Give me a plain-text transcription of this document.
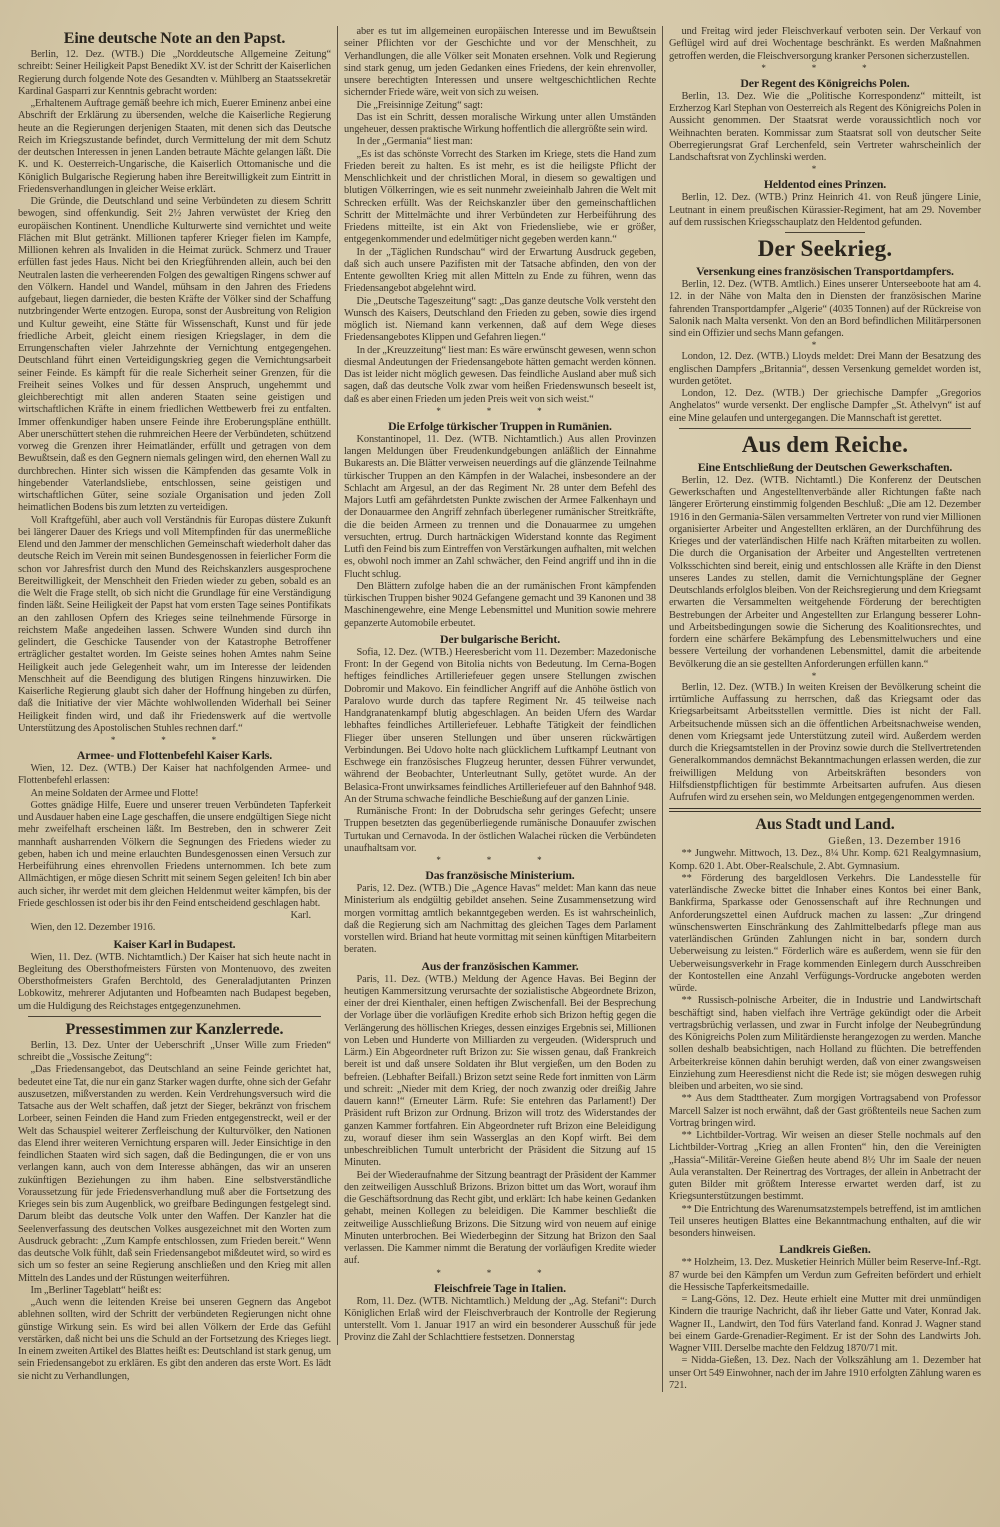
Eine deutsche Note an den Papst.

Berlin, 12. Dez. (WTB.) Die „Norddeutsche Allgemeine Zeitung“ schreibt: Seiner Heiligkeit Papst Benedikt XV. ist der Schritt der Kaiserlichen Regierung durch folgende Note des Gesandten v. Mühlberg an Staatssekretär Kardinal Gasparri zur Kenntnis gebracht worden:

„Erhaltenem Auftrage gemäß beehre ich mich, Euerer Eminenz anbei eine Abschrift der Erklärung zu übersenden, welche die Kaiserliche Regierung heute an die Regierungen derjenigen Staaten, mit denen sich das Deutsche Reich im Kriegszustande befindet, durch Vermittelung der mit dem Schutz der deutschen Interessen in jenen Landen betraute Mächte gelangen läßt. Die K. und K. Oesterreich-Ungarische, die Kaiserlich Ottomanische und die Königlich Bulgarische Regierung haben ihre Bereitwilligkeit zum Eintritt in Friedensverhandlungen in gleicher Weise erklärt.

Die Gründe, die Deutschland und seine Verbündeten zu diesem Schritt bewogen, sind offenkundig. Seit 2½ Jahren verwüstet der Krieg den europäischen Kontinent. Unendliche Kulturwerte sind vernichtet und weite Flächen mit Blut getränkt. Millionen tapferer Krieger fielen im Kampfe, Millionen kehren als Invaliden in die Heimat zurück. Schmerz und Trauer erfüllen fast jedes Haus. Nicht bei den Kriegführenden allein, auch bei den Neutralen lasten die verheerenden Folgen des gewaltigen Ringens schwer auf den Völkern. Handel und Wandel, mühsam in den Jahren des Friedens aufgebaut, liegen darnieder, die besten Kräfte der Völker sind der Schaffung nutzbringender Werte entzogen. Europa, sonst der Ausbreitung von Religion und Kultur geweiht, eine Stätte für Wissenschaft, Kunst und für jede friedliche Arbeit, gleicht einem riesigen Kriegslager, in dem die Errungenschaften vieler Jahrzehnte der Vernichtung entgegengehen. Deutschland führt einen Verteidigungskrieg gegen die Vernichtungsarbeit seiner Feinde. Es kämpft für die reale Sicherheit seiner Grenzen, für die Freiheit seines Volkes und für dessen Anspruch, ungehemmt und gleichberechtigt mit allen anderen Staaten seine geistigen und wirtschaftlichen Kräfte in einem friedlichen Wettbewerb frei zu entfalten. Immer offenkundiger haben unsere Feinde ihre Eroberungspläne enthüllt. Aber unerschüttert stehen die ruhmreichen Heere der Verbündeten, schützend vorweg die Grenzen ihrer Heimatländer, erfüllt und getragen von dem Bewußtsein, daß es den Gegnern niemals gelingen wird, den ehernen Wall zu durchbrechen. Hinter sich wissen die Kämpfenden das gesamte Volk in hingebender Vaterlandsliebe, entschlossen, seine geistigen und wirtschaftlichen Güter, seine soziale Organisation und jeden Zoll heimatlichen Bodens bis zum letzten zu verteidigen.

Voll Kraftgefühl, aber auch voll Verständnis für Europas düstere Zukunft bei längerer Dauer des Kriegs und voll Mitempfinden für das unermeßliche Elend und den Jammer der menschlichen Gemeinschaft wiederholt daher das deutsche Reich im Verein mit seinen Bundesgenossen in feierlicher Form die schon vor Jahresfrist durch den Mund des Reichskanzlers ausgesprochene Bereitwilligkeit, der Menschheit den Frieden wieder zu geben, sobald es an die Welt die Frage stellt, ob sich nicht die Grundlage für eine Verständigung finden läßt. Seine Heiligkeit der Papst hat vom ersten Tage seines Pontifikats an den zahllosen Opfern des Krieges seine teilnehmende Fürsorge in reichstem Maße angedeihen lassen. Schwere Wunden sind durch ihn gelindert, die Geschicke Tausender von der Katastrophe Betroffener erträglicher gestaltet worden. Im Geiste seines hohen Amtes nahm Seine Heiligkeit auch jede Gelegenheit wahr, um im Interesse der leidenden Menschheit auf die Beendigung des blutigen Ringens hinzuwirken. Die Kaiserliche Regierung glaubt sich daher der Hoffnung hingeben zu dürfen, daß die Initiative der vier Mächte wohlwollenden Widerhall bei Seiner Heiligkeit finden wird, und daß ihr Friedenswerk auf die wertvolle Unterstützung des Apostolischen Stuhles rechnen darf.“

* * *
Armee- und Flottenbefehl Kaiser Karls.

Wien, 12. Dez. (WTB.) Der Kaiser hat nachfolgenden Armee- und Flottenbefehl erlassen:

An meine Soldaten der Armee und Flotte!

Gottes gnädige Hilfe, Euere und unserer treuen Verbündeten Tapferkeit und Ausdauer haben eine Lage geschaffen, die unsere endgültigen Siege nicht mehr zweifelhaft erscheinen läßt. Im Bestreben, den in schwerer Zeit mannhaft ausharrenden Völkern die Segnungen des Friedens wieder zu geben, haben ich und meine erlauchten Bundesgenossen einen Versuch zur Herbeiführung eines ehrenvollen Friedens unternommen. Ich bete zum Allmächtigen, er möge diesen Schritt mit seinem Segen geleiten! Ich bin aber auch sicher, ihr werdet mit dem gleichen Heldenmut weiter kämpfen, bis der Friede geschlossen ist oder bis ihr den Feind entscheidend geschlagen habt.

Karl.

Wien, den 12. Dezember 1916.

Kaiser Karl in Budapest.

Wien, 11. Dez. (WTB. Nichtamtlich.) Der Kaiser hat sich heute nacht in Begleitung des Obersthofmeisters Fürsten von Montenuovo, des zweiten Obersthofmeisters Grafen Berchtold, des Generaladjutanten Prinzen Lobkowitz, mehrerer Adjutanten und Hofbeamten nach Budapest begeben, um die Huldigung des Reichstages entgegenzunehmen.

Pressestimmen zur Kanzlerrede.

Berlin, 13. Dez. Unter der Ueberschrift „Unser Wille zum Frieden“ schreibt die „Vossische Zeitung“:

„Das Friedensangebot, das Deutschland an seine Feinde gerichtet hat, bedeutet eine Tat, die nur ein ganz Starker wagen durfte, ohne sich der Gefahr auszusetzen, mißverstanden zu werden. Kein Verdrehungsversuch wird die Tatsache aus der Welt schaffen, daß jetzt der Sieger, bekränzt von frischem Lorbeer, seinen Feinden die Hand zum Frieden entgegenstreckt, weil er der Welt das Schauspiel weiterer Zerfleischung der Kulturvölker, den Nationen das Elend ihrer weiteren Vernichtung ersparen will. Jeder Einsichtige in den feindlichen Staaten wird sich sagen, daß die Bedingungen, die er von uns verlangen kann, auch von dem Interesse abhängen, das wir an unseren zukünftigen Beziehungen zu ihm haben. Eine selbstverständliche Voraussetzung für jede Friedensverhandlung muß aber die Fortsetzung des Krieges sein bis zum Augenblick, wo greifbare Bedingungen festgelegt sind. Darum bleibt das deutsche Volk unter den Waffen. Der Kanzler hat die Seelenverfassung des deutschen Volkes ausgezeichnet mit den Worten zum Ausdruck gebracht: „Zum Kampfe entschlossen, zum Frieden bereit.“ Wenn das deutsche Volk fühlt, daß sein Friedensangebot mißdeutet wird, so wird es sich um so fester an seine Regierung anschließen und den Krieg mit allen Mitteln des Landes und der Rüstungen weiterführen.

Im „Berliner Tageblatt“ heißt es:

„Auch wenn die leitenden Kreise bei unseren Gegnern das Angebot ablehnen sollten, wird der Schritt der verbündeten Regierungen nicht ohne günstige Wirkung sein. Es wird bei allen Völkern der Erde das Gefühl verstärken, daß nicht bei uns die Schuld an der Fortsetzung des Krieges liegt. In einem zweiten Artikel des Blattes heißt es: Deutschland ist stark genug, um sein Friedensangebot zu erklären. Es gibt den anderen das erste Wort. Es lädt sie nicht zu Verhandlungen,

aber es tut im allgemeinen europäischen Interesse und im Bewußtsein seiner Pflichten vor der Geschichte und vor der Menschheit, zu Verhandlungen, die alle Völker seit Monaten ersehnen. Volk und Regierung sind stark genug, um jeden Gedanken eines Friedens, der kein ehrenvoller, unsere berechtigten Interessen und unsere weltgeschichtlichen Rechte sichernder Friede wäre, weit von sich zu weisen.

Die „Freisinnige Zeitung“ sagt:

Das ist ein Schritt, dessen moralische Wirkung unter allen Umständen ungeheuer, dessen praktische Wirkung hoffentlich die allergrößte sein wird.

In der „Germania“ liest man:

„Es ist das schönste Vorrecht des Starken im Kriege, stets die Hand zum Frieden bereit zu halten. Es ist mehr, es ist die heiligste Pflicht der Menschlichkeit und der christlichen Moral, in diesem so gewaltigen und blutigen Völkerringen, wie es seit nunmehr zweieinhalb Jahren die Welt mit Schrecken erfüllt. Was der Reichskanzler über den gemeinschaftlichen Schritt der Mittelmächte und ihrer Verbündeten zur Herbeiführung des Friedens mitteilte, ist ein Akt von Friedensliebe, wie er größer, entgegenkommender und edelmütiger nicht gegeben werden kann.“

In der „Täglichen Rundschau“ wird der Erwartung Ausdruck gegeben, daß sich auch unsere Pazifisten mit der Tatsache abfinden, den von der Entente gewollten Krieg mit allen Mitteln zu Ende zu führen, wenn das Friedensangebot abgelehnt wird.

Die „Deutsche Tageszeitung“ sagt: „Das ganze deutsche Volk versteht den Wunsch des Kaisers, Deutschland den Frieden zu geben, sowie dies irgend möglich ist. Niemand kann verkennen, daß auf dem Wege dieses Friedensangebotes Klippen und Gefahren liegen.“

In der „Kreuzzeitung“ liest man: Es wäre erwünscht gewesen, wenn schon diesmal Andeutungen der Friedensangebote hätten gemacht werden können. Das ist leider nicht möglich gewesen. Das feindliche Ausland aber muß sich sagen, daß das deutsche Volk zwar vom heißen Friedenswunsch beseelt ist, daß es aber einen Frieden um jeden Preis weit von sich weist.“

* * *
Die Erfolge türkischer Truppen in Rumänien.

Konstantinopel, 11. Dez. (WTB. Nichtamtlich.) Aus allen Provinzen langen Meldungen über Freudenkundgebungen anläßlich der Einnahme Bukarests an. Die Blätter verweisen neuerdings auf die glänzende Teilnahme türkischer Truppen an den Kämpfen in der Walachei, insbesondere an der Schlacht am Argesul, an der das Regiment Nr. 28 unter dem Befehl des Majors Lutfi am gefährdetsten Punkte zwischen der Armee Falkenhayn und der Donauarmee den Angriff zehnfach überlegener rumänischer Streitkräfte, die die beiden Armeen zu trennen und die Donauarmee zu umgehen versuchten, ertrug. Durch hartnäckigen Widerstand konnte das Regiment Lutfi den Feind bis zum Eintreffen von Verstärkungen aufhalten, mit welchen es, obwohl noch immer an Zahl schwächer, den Feind angriff und ihn in die Flucht schlug.

Den Blättern zufolge haben die an der rumänischen Front kämpfenden türkischen Truppen bisher 9024 Gefangene gemacht und 39 Kanonen und 38 Maschinengewehre, eine Menge Lebensmittel und Munition sowie mehrere gepanzerte Automobile erbeutet.

Der bulgarische Bericht.

Sofia, 12. Dez. (WTB.) Heeresbericht vom 11. Dezember: Mazedonische Front: In der Gegend von Bitolia nichts von Bedeutung. Im Cerna-Bogen heftiges feindliches Artilleriefeuer gegen unsere Stellungen zwischen Dobromir und Makovo. Ein feindlicher Angriff auf die Anhöhe östlich von Paralovo wurde durch das tapfere Regiment Nr. 45 teilweise nach Handgranatenkampf blutig abgeschlagen. An beiden Ufern des Wardar lebhaftes feindliches Artilleriefeuer. Lebhafte Tätigkeit der feindlichen Flieger über unseren Stellungen und über unseren rückwärtigen Verbindungen. Bei Udovo holte nach glücklichem Luftkampf Leutnant von Eschwege ein französisches Flugzeug herunter, dessen Führer verwundet, während der Beobachter, Unterleutnant Sully, getötet wurde. An der Belasica-Front unwirksames feindliches Artilleriefeuer auf den Bahnhof 948. An der Struma schwache feindliche Beschießung auf der ganzen Linie.

Rumänische Front: In der Dobrudscha sehr geringes Gefecht; unsere Truppen besetzten das gegenüberliegende rumänische Donauufer zwischen Turtukan und Cernavoda. In der östlichen Walachei rücken die Verbündeten unaufhaltsam vor.

* * *
Das französische Ministerium.

Paris, 12. Dez. (WTB.) Die „Agence Havas“ meldet: Man kann das neue Ministerium als endgültig gebildet ansehen. Seine Zusammensetzung wird morgen vormittag amtlich bekanntgegeben werden. Es ist wahrscheinlich, daß die Regierung sich am Nachmittag des gleichen Tages dem Parlament vorstellen wird. Briand hat heute vormittag mit seinen künftigen Mitarbeitern beraten.

Aus der französischen Kammer.

Paris, 11. Dez. (WTB.) Meldung der Agence Havas. Bei Beginn der heutigen Kammersitzung verursachte der sozialistische Abgeordnete Brizon, einer der drei Kienthaler, einen heftigen Zwischenfall. Bei der Besprechung der Vorlage über die vorläufigen Kredite erhob sich Brizon heftig gegen die Verlängerung des höllischen Krieges, dessen einziges Ergebnis sei, Millionen von Leben und Hunderte von Milliarden zu vergeuden. (Widerspruch und Lärm.) Ein Abgeordneter ruft Brizon zu: Sie wissen genau, daß Frankreich bereit ist und daß unsere Soldaten ihr Blut vergießen, um den Boden zu befreien. (Lebhafter Beifall.) Brizon setzt seine Rede fort inmitten von Lärm und schreit: „Nieder mit dem Krieg, der noch zwanzig oder dreißig Jahre dauern kann!“ (Erneuter Lärm. Rufe: Sie entehren das Parlament!) Der Präsident ruft Brizon zur Ordnung. Brizon will trotz des Widerstandes der ganzen Kammer fortfahren. Ein Abgeordneter ruft Brizon eine Beleidigung zu, worauf dieser ihm sein Wasserglas an den Kopf wirft. Bei dem unbeschreiblichen Tumult unterbricht der Präsident die Sitzung auf 15 Minuten.

Bei der Wiederaufnahme der Sitzung beantragt der Präsident der Kammer den zeitweiligen Ausschluß Brizons. Brizon bittet um das Wort, worauf ihm die Geschäftsordnung das Recht gibt, und erklärt: Ich habe keinen Gedanken gehabt, meinen Kollegen zu beleidigen. Die Kammer beschließt die zeitweilige Ausschließung Brizons. Die Sitzung wird von neuem auf einige Minuten unterbrochen. Bei Wiederbeginn der Sitzung hat Brizon den Saal verlassen. Die Kammer nimmt die Beratung der vorläufigen Kredite wieder auf.

* * *
Fleischfreie Tage in Italien.

Rom, 11. Dez. (WTB. Nichtamtlich.) Meldung der „Ag. Stefani“: Durch Königlichen Erlaß wird der Fleischverbrauch der Kontrolle der Regierung unterstellt. Vom 1. Januar 1917 an wird ein besonderer Ausschuß für jede Provinz die Zahl der Schlachttiere festsetzen. Donnerstag

und Freitag wird jeder Fleischverkauf verboten sein. Der Verkauf von Geflügel wird auf drei Wochentage beschränkt. Es werden Maßnahmen getroffen werden, die Fleischversorgung kranker Personen sicherzustellen.

* * *
Der Regent des Königreichs Polen.

Berlin, 13. Dez. Wie die „Politische Korrespondenz“ mitteilt, ist Erzherzog Karl Stephan von Oesterreich als Regent des Königreichs Polen in Aussicht genommen. Der Staatsrat werde voraussichtlich noch vor Weihnachten beraten. Kommissar zum Staatsrat soll von deutscher Seite Oberregierungsrat Graf Lerchenfeld, sein Vertreter wahrscheinlich der Landschaftsrat von Zychlinski werden.

*
Heldentod eines Prinzen.

Berlin, 12. Dez. (WTB.) Prinz Heinrich 41. von Reuß jüngere Linie, Leutnant in einem preußischen Kürassier-Regiment, hat am 29. November auf dem russischen Kriegsschauplatz den Heldentod gefunden.

Der Seekrieg.
Versenkung eines französischen Transportdampfers.

Berlin, 12. Dez. (WTB. Amtlich.) Eines unserer Unterseeboote hat am 4. 12. in der Nähe von Malta den in Diensten der französischen Marine fahrenden Transportdampfer „Algerie“ (4035 Tonnen) auf der Rückreise von Salonik nach Malta versenkt. Von den an Bord befindlichen Militärpersonen sind ein Offizier und sechs Mann gefangen.

*

London, 12. Dez. (WTB.) Lloyds meldet: Drei Mann der Besatzung des englischen Dampfers „Britannia“, dessen Versenkung gemeldet worden ist, wurden getötet.

London, 12. Dez. (WTB.) Der griechische Dampfer „Gregorios Anghelatos“ wurde versenkt. Der englische Dampfer „St. Athelvyn“ ist auf eine Mine gelaufen und untergegangen. Die Mannschaft ist gerettet.

Aus dem Reiche.
Eine Entschließung der Deutschen Gewerkschaften.

Berlin, 12. Dez. (WTB. Nichtamtl.) Die Konferenz der Deutschen Gewerkschaften und Angestelltenverbände aller Richtungen faßte nach längerer Erörterung einstimmig folgenden Beschluß: „Die am 12. Dezember 1916 in den Germania-Sälen versammelten Vertreter von rund vier Millionen organisierter Arbeiter und Angestellten erklären, an der Durchführung des Krieges und der vaterländischen Hilfe nach Kräften mitarbeiten zu wollen. Die durch die Organisation der Arbeiter und Angestellten vertretenen Volksschichten sind bereit, einig und entschlossen alle Kräfte in den Dienst unseres Landes zu stellen, damit die Vernichtungspläne der Gegner Deutschlands erfolglos bleiben. Von der Reichsregierung und dem Kriegsamt erwarten die Versammelten weitgehende Förderung der berechtigten Bestrebungen der Arbeiter und Angestellten zur Erlangung besserer Lohn- und Arbeitsbedingungen sowie die Sicherung des Koalitionsrechtes, und fordern eine schärfere Bekämpfung des Lebensmittelwuchers und eine bessere Verteilung der vorhandenen Lebensmittel, damit die arbeitende Bevölkerung die an sie gestellten Anforderungen erfüllen kann.“

*

Berlin, 12. Dez. (WTB.) In weiten Kreisen der Bevölkerung scheint die irrtümliche Auffassung zu herrschen, daß das Kriegsamt oder das Kriegsarbeitsamt Arbeitsstellen vermittle. Dies ist nicht der Fall. Arbeitsuchende müssen sich an die öffentlichen Arbeitsnachweise wenden, denen vom Kriegsamt jede Unterstützung zuteil wird. Außerdem werden durch die Kriegsamtstellen in der Provinz sowie durch die Stellvertretenden Generalkommandos demnächst Bekanntmachungen erlassen werden, die zur freiwilligen Meldung von Arbeitskräften besonders von Hilfsdienstpflichtigen für bestimmte Arbeitsarten aufrufen. Aus diesen Aufrufen wird zu ersehen sein, wo Meldungen entgegengenommen werden.

Aus Stadt und Land.
Gießen, 13. Dezember 1916

** Jungwehr. Mittwoch, 13. Dez., 8¼ Uhr. Komp. 621 Realgymnasium, Komp. 620 1. Abt. Ober-Realschule, 2. Abt. Gymnasium.

** Förderung des bargeldlosen Verkehrs. Die Landesstelle für vaterländische Zwecke bittet die Inhaber eines Kontos bei einer Bank, Bankfirma, Sparkasse oder Genossenschaft auf ihre Rechnungen und Anforderungszettel einen Aufdruck machen zu lassen: „Zur dringend wünschenswerten Einschränkung des Zahlmittelbedarfs pflege man aus vaterländischen Gründen Zahlungen nicht in bar, sondern durch Ueberweisung zu leisten.“ Förderlich wäre es außerdem, wenn sie für den Ueberweisungsverkehr in Frage kommenden Einlegern durch Ausschreiben der Kontostellen eine Anzahl Verfügungs-Vordrucke angeboten werden würde.

** Russisch-polnische Arbeiter, die in Industrie und Landwirtschaft beschäftigt sind, haben vielfach ihre Verträge gekündigt oder die Arbeit vertragsbrüchig verlassen, und zwar in Furcht infolge der Neubegründung des Königreichs Polen zum Militärdienste herangezogen zu werden. Manche sollen deshalb beabsichtigen, nach Holland zu flüchten. Die betreffenden Arbeiterkreise können dahin beruhigt werden, daß von einer zwangsweisen Einziehung zum Heeresdienst nicht die Rede ist; sie mögen deswegen ruhig bleiben und arbeiten, wo sie sind.

** Aus dem Stadttheater. Zum morgigen Vortragsabend von Professor Marcell Salzer ist noch erwähnt, daß der Gast größtenteils neue Sachen zum Vortrag bringen wird.

** Lichtbilder-Vortrag. Wir weisen an dieser Stelle nochmals auf den Lichtbilder-Vortrag „Krieg an allen Fronten“ hin, den die Vereinigten „Hassia“-Militär-Vereine Gießen heute abend 8½ Uhr im Saale der neuen Aula veranstalten. Der Reinertrag des Vortrages, der allein in Anbetracht der guten Bilder mit größtem Interesse erwartet werden darf, ist zu Kriegsunterstützungen bestimmt.

** Die Entrichtung des Warenumsatzstempels betreffend, ist im amtlichen Teil unseres heutigen Blattes eine Bekanntmachung enthalten, auf die wir besonders hinweisen.

Landkreis Gießen.

** Holzheim, 13. Dez. Musketier Heinrich Müller beim Reserve-Inf.-Rgt. 87 wurde bei den Kämpfen um Verdun zum Gefreiten befördert und erhielt die Hessische Tapferkeitsmedaille.

= Lang-Göns, 12. Dez. Heute erhielt eine Mutter mit drei unmündigen Kindern die traurige Nachricht, daß ihr lieber Gatte und Vater, Konrad Jak. Wagner II., Landwirt, den Tod fürs Vaterland fand. Konrad J. Wagner stand bei einem Garde-Grenadier-Regiment. Er ist der Sohn des Landwirts Joh. Wagner VIII. Derselbe machte den Feldzug 1870/71 mit.

= Nidda-Gießen, 13. Dez. Nach der Volkszählung am 1. Dezember hat unser Ort 549 Einwohner, nach der im Jahre 1910 erfolgten Zählung waren es 721.
